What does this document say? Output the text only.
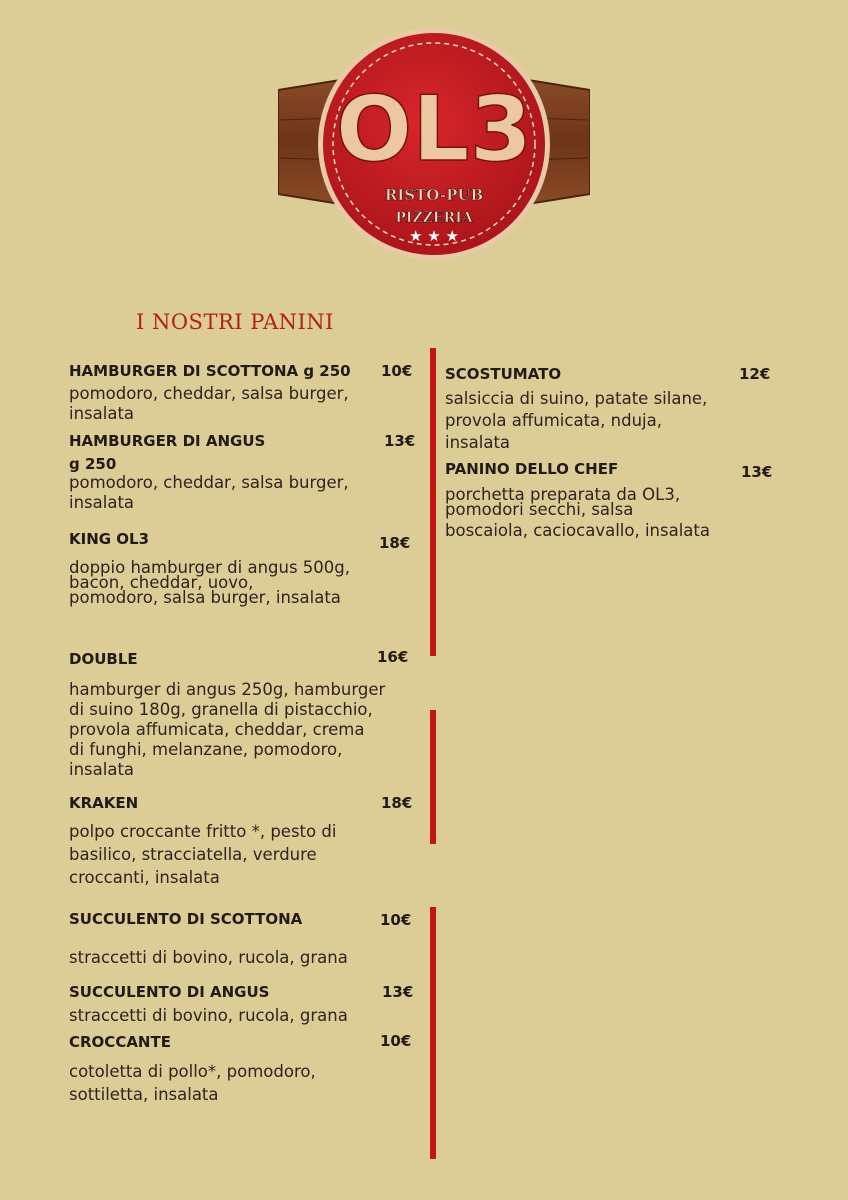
OL3
RISTO-PUB
PIZZERIA
★ ★ ★
I NOSTRI PANINI
HAMBURGER DI SCOTTONA g 250 10€
pomodoro, cheddar, salsa burger,
insalata
HAMBURGER DI ANGUS
g 250
13€
pomodoro, cheddar, salsa burger,
insalata
KING OL3	18€
doppio hamburger di angus 500g,
bacon, cheddar, uovo,
pomodoro, salsa burger, insalata
DOUBLE	16€
hamburger di angus 250g, hamburger
di suino 180g, granella di pistacchio,
provola affumicata, cheddar, crema
di funghi, melanzane, pomodoro,
insalata
KRAKEN	18€
polpo croccante fritto *, pesto di
basilico, stracciatella, verdure
croccanti, insalata
SUCCULENTO DI SCOTTONA	10€
straccetti di bovino, rucola, grana
SUCCULENTO DI ANGUS	13€
straccetti di bovino, rucola, grana
CROCCANTE	10€
cotoletta di pollo*, pomodoro,
sottiletta, insalata
SCOSTUMATO	12€
salsiccia di suino, patate silane,
provola affumicata, nduja,
insalata
PANINO DELLO CHEF	13€
porchetta preparata da OL3,
pomodori secchi, salsa
boscaiola, caciocavallo, insalata
